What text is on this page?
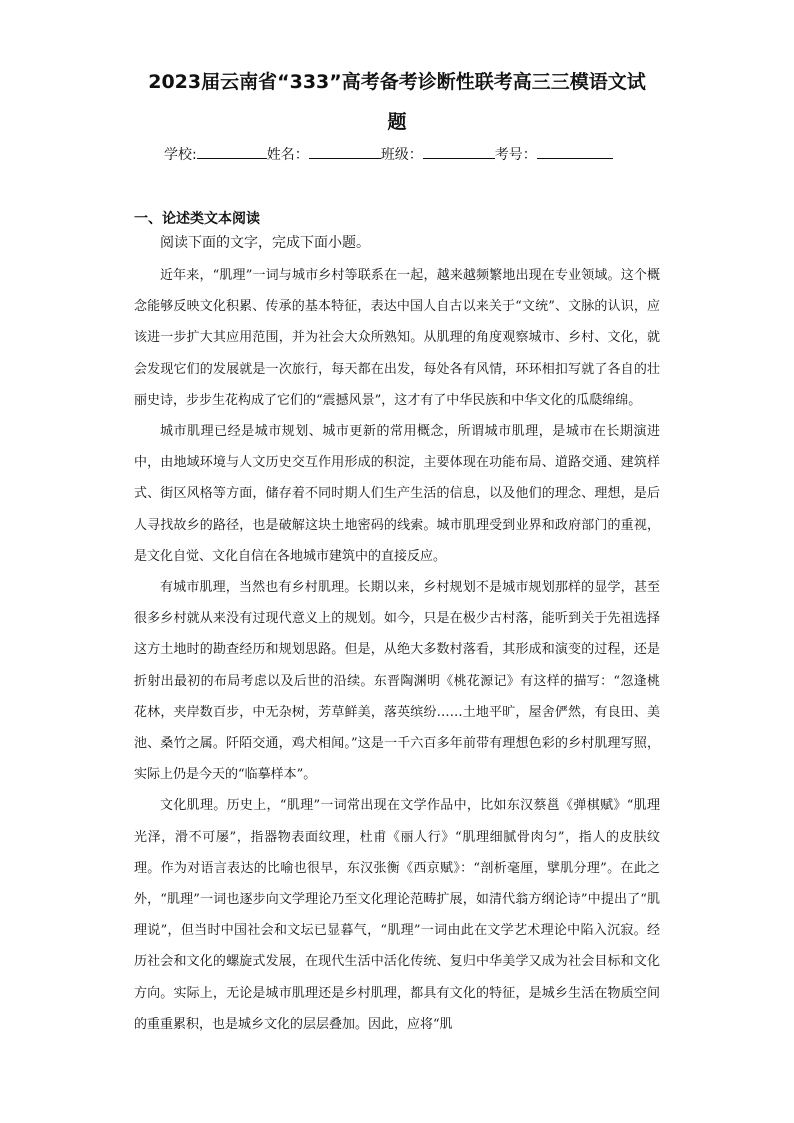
2023届云南省“333”高考备考诊断性联考高三三模语文试
题
学校:	姓名：	班级：	考号：
一、论述类文本阅读
阅读下面的文字，完成下面小题。

近年来，“肌理”一词与城市乡村等联系在一起，越来越频繁地出现在专业领域。这个概念能够反映文化积累、传承的基本特征，表达中国人自古以来关于“文统”、文脉的认识，应该进一步扩大其应用范围，并为社会大众所熟知。从肌理的角度观察城市、乡村、文化，就会发现它们的发展就是一次旅行，每天都在出发，每处各有风情，环环相扣写就了各自的壮丽史诗，步步生花构成了它们的“震撼风景”，这才有了中华民族和中华文化的瓜瓞绵绵。

城市肌理已经是城市规划、城市更新的常用概念，所谓城市肌理，是城市在长期演进中，由地域环境与人文历史交互作用形成的积淀，主要体现在功能布局、道路交通、建筑样式、街区风格等方面，储存着不同时期人们生产生活的信息，以及他们的理念、理想，是后人寻找故乡的路径，也是破解这块土地密码的线索。城市肌理受到业界和政府部门的重视，是文化自觉、文化自信在各地城市建筑中的直接反应。

有城市肌理，当然也有乡村肌理。长期以来，乡村规划不是城市规划那样的显学，甚至很多乡村就从来没有过现代意义上的规划。如今，只是在极少古村落，能听到关于先祖选择这方土地时的勘查经历和规划思路。但是，从绝大多数村落看，其形成和演变的过程，还是折射出最初的布局考虑以及后世的沿续。东晋陶渊明《桃花源记》有这样的描写：“忽逢桃花林，夹岸数百步，中无杂树，芳草鲜美，落英缤纷……土地平旷，屋舍俨然，有良田、美池、桑竹之属。阡陌交通，鸡犬相闻。”这是一千六百多年前带有理想色彩的乡村肌理写照，实际上仍是今天的“临摹样本”。

文化肌理。历史上，“肌理”一词常出现在文学作品中，比如东汉蔡邕《弹棋赋》“肌理光泽，滑不可屡”，指器物表面纹理，杜甫《丽人行》“肌理细腻骨肉匀”，指人的皮肤纹理。作为对语言表达的比喻也很早，东汉张衡《西京赋》：“剖析毫厘，擘肌分理”。在此之外，“肌理”一词也逐步向文学理论乃至文化理论范畴扩展，如清代翁方纲论诗”中提出了“肌理说”，但当时中国社会和文坛已显暮气，“肌理”一词由此在文学艺术理论中陷入沉寂。经历社会和文化的螺旋式发展，在现代生活中活化传统、复归中华美学又成为社会目标和文化方向。实际上，无论是城市肌理还是乡村肌理，都具有文化的特征，是城乡生活在物质空间的重重累积，也是城乡文化的层层叠加。因此，应将“肌
